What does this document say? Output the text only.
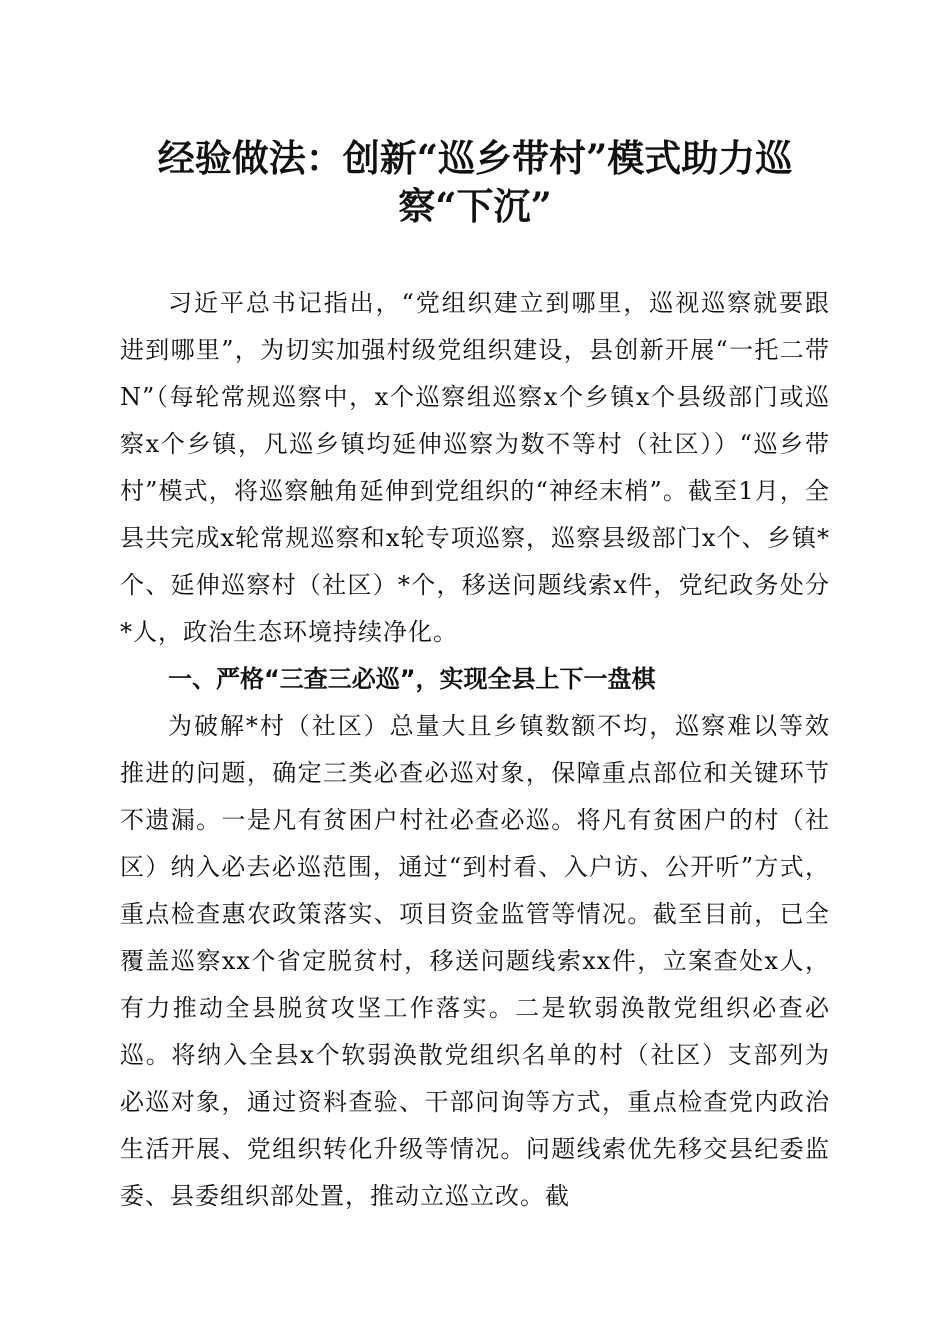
经验做法：创新“巡乡带村”模式助力巡
察“下沉”

习近平总书记指出，“党组织建立到哪里，巡视巡察就要跟进到哪里”，为切实加强村级党组织建设，县创新开展“一托二带N”（每轮常规巡察中，x个巡察组巡察x个乡镇x个县级部门或巡察x个乡镇，凡巡乡镇均延伸巡察为数不等村（社区））“巡乡带村”模式，将巡察触角延伸到党组织的“神经末梢”。截至1月，全县共完成x轮常规巡察和x轮专项巡察，巡察县级部门x个、乡镇*个、延伸巡察村（社区）*个，移送问题线索x件，党纪政务处分*人，政治生态环境持续净化。

一、严格“三查三必巡”，实现全县上下一盘棋

为破解*村（社区）总量大且乡镇数额不均，巡察难以等效推进的问题，确定三类必查必巡对象，保障重点部位和关键环节不遗漏。一是凡有贫困户村社必查必巡。将凡有贫困户的村（社区）纳入必去必巡范围，通过“到村看、入户访、公开听”方式，重点检查惠农政策落实、项目资金监管等情况。截至目前，已全覆盖巡察xx个省定脱贫村，移送问题线索xx件，立案查处x人，有力推动全县脱贫攻坚工作落实。二是软弱涣散党组织必查必巡。将纳入全县x个软弱涣散党组织名单的村（社区）支部列为必巡对象，通过资料查验、干部问询等方式，重点检查党内政治生活开展、党组织转化升级等情况。问题线索优先移交县纪委监委、县委组织部处置，推动立巡立改。截
